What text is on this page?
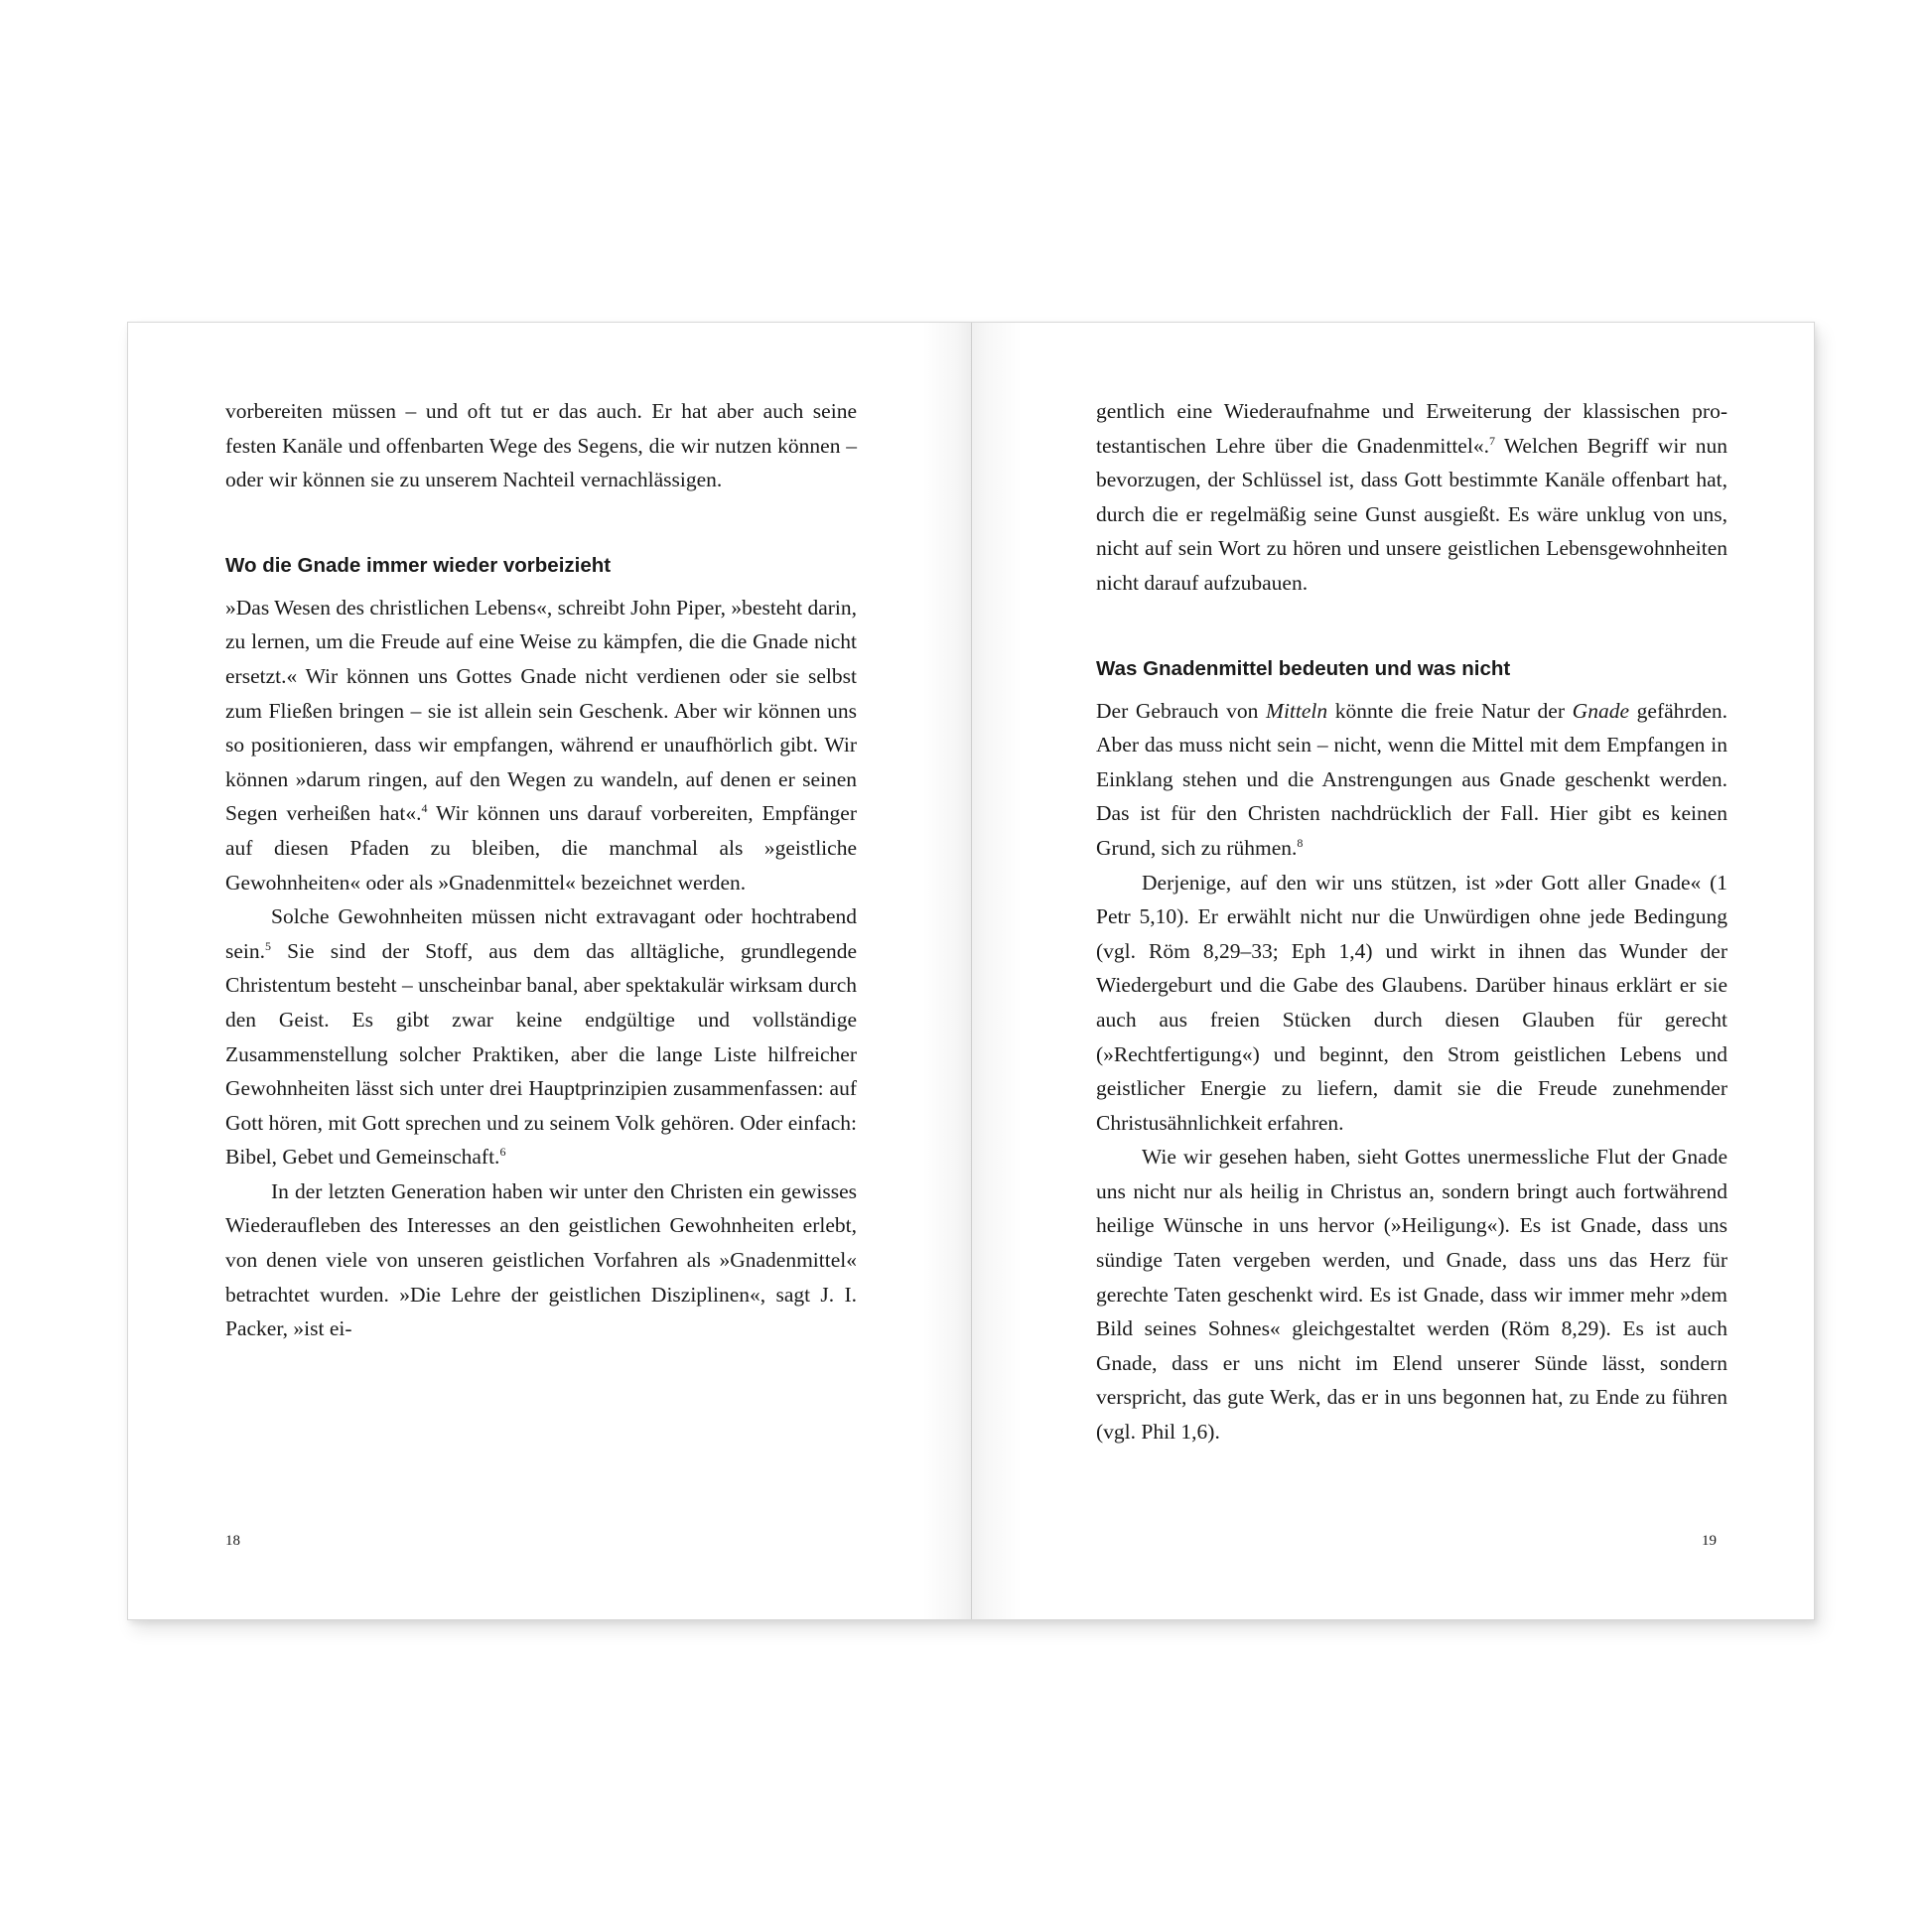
vorbereiten müssen – und oft tut er das auch. Er hat aber auch seine festen Kanäle und offenbarten Wege des Segens, die wir nutzen können – oder wir können sie zu unserem Nachteil vernachlässigen.

Wo die Gnade immer wieder vorbeizieht

»Das Wesen des christlichen Lebens«, schreibt John Piper, »besteht darin, zu lernen, um die Freude auf eine Weise zu kämpfen, die die Gnade nicht ersetzt.« Wir können uns Gottes Gnade nicht verdienen oder sie selbst zum Fließen bringen – sie ist allein sein Geschenk. Aber wir können uns so positionieren, dass wir empfangen, während er unaufhörlich gibt. Wir können »darum ringen, auf den Wegen zu wandeln, auf denen er seinen Segen verheißen hat«.$^4$ Wir können uns darauf vorbereiten, Empfänger auf diesen Pfaden zu bleiben, die manchmal als »geistliche Gewohnheiten« oder als »Gnadenmittel« bezeichnet werden.

Solche Gewohnheiten müssen nicht extravagant oder hochtrabend sein.$^5$ Sie sind der Stoff, aus dem das alltägliche, grundlegende Christentum besteht – unscheinbar banal, aber spektakulär wirksam durch den Geist. Es gibt zwar keine endgültige und vollständige Zusammenstellung solcher Praktiken, aber die lange Liste hilfreicher Gewohnheiten lässt sich unter drei Hauptprinzipien zusammenfassen: auf Gott hören, mit Gott sprechen und zu seinem Volk gehören. Oder einfach: Bibel, Gebet und Gemeinschaft.$^6$

In der letzten Generation haben wir unter den Christen ein gewisses Wiederaufleben des Interesses an den geistlichen Gewohnheiten erlebt, von denen viele von unseren geistlichen Vorfahren als »Gnadenmittel« betrachtet wurden. »Die Lehre der geistlichen Disziplinen«, sagt J. I. Packer, »ist ei-

18

gentlich eine Wiederaufnahme und Erweiterung der klassischen pro-testantischen Lehre über die Gnadenmittel«.$^7$ Welchen Begriff wir nun bevorzugen, der Schlüssel ist, dass Gott bestimmte Kanäle offenbart hat, durch die er regelmäßig seine Gunst ausgießt. Es wäre unklug von uns, nicht auf sein Wort zu hören und unsere geistlichen Lebensgewohnheiten nicht darauf aufzubauen.

Was Gnadenmittel bedeuten und was nicht

Der Gebrauch von Mitteln könnte die freie Natur der Gnade gefährden. Aber das muss nicht sein – nicht, wenn die Mittel mit dem Empfangen in Einklang stehen und die Anstrengungen aus Gnade geschenkt werden. Das ist für den Christen nachdrücklich der Fall. Hier gibt es keinen Grund, sich zu rühmen.$^8$

Derjenige, auf den wir uns stützen, ist »der Gott aller Gnade« (1 Petr 5,10). Er erwählt nicht nur die Unwürdigen ohne jede Bedingung (vgl. Röm 8,29–33; Eph 1,4) und wirkt in ihnen das Wunder der Wiedergeburt und die Gabe des Glaubens. Darüber hinaus erklärt er sie auch aus freien Stücken durch diesen Glauben für gerecht (»Rechtfertigung«) und beginnt, den Strom geistlichen Lebens und geistlicher Energie zu liefern, damit sie die Freude zunehmender Christusähnlichkeit erfahren.

Wie wir gesehen haben, sieht Gottes unermessliche Flut der Gnade uns nicht nur als heilig in Christus an, sondern bringt auch fortwährend heilige Wünsche in uns hervor (»Heiligung«). Es ist Gnade, dass uns sündige Taten vergeben werden, und Gnade, dass uns das Herz für gerechte Taten geschenkt wird. Es ist Gnade, dass wir immer mehr »dem Bild seines Sohnes« gleichgestaltet werden (Röm 8,29). Es ist auch Gnade, dass er uns nicht im Elend unserer Sünde lässt, sondern verspricht, das gute Werk, das er in uns begonnen hat, zu Ende zu führen (vgl. Phil 1,6).

19
